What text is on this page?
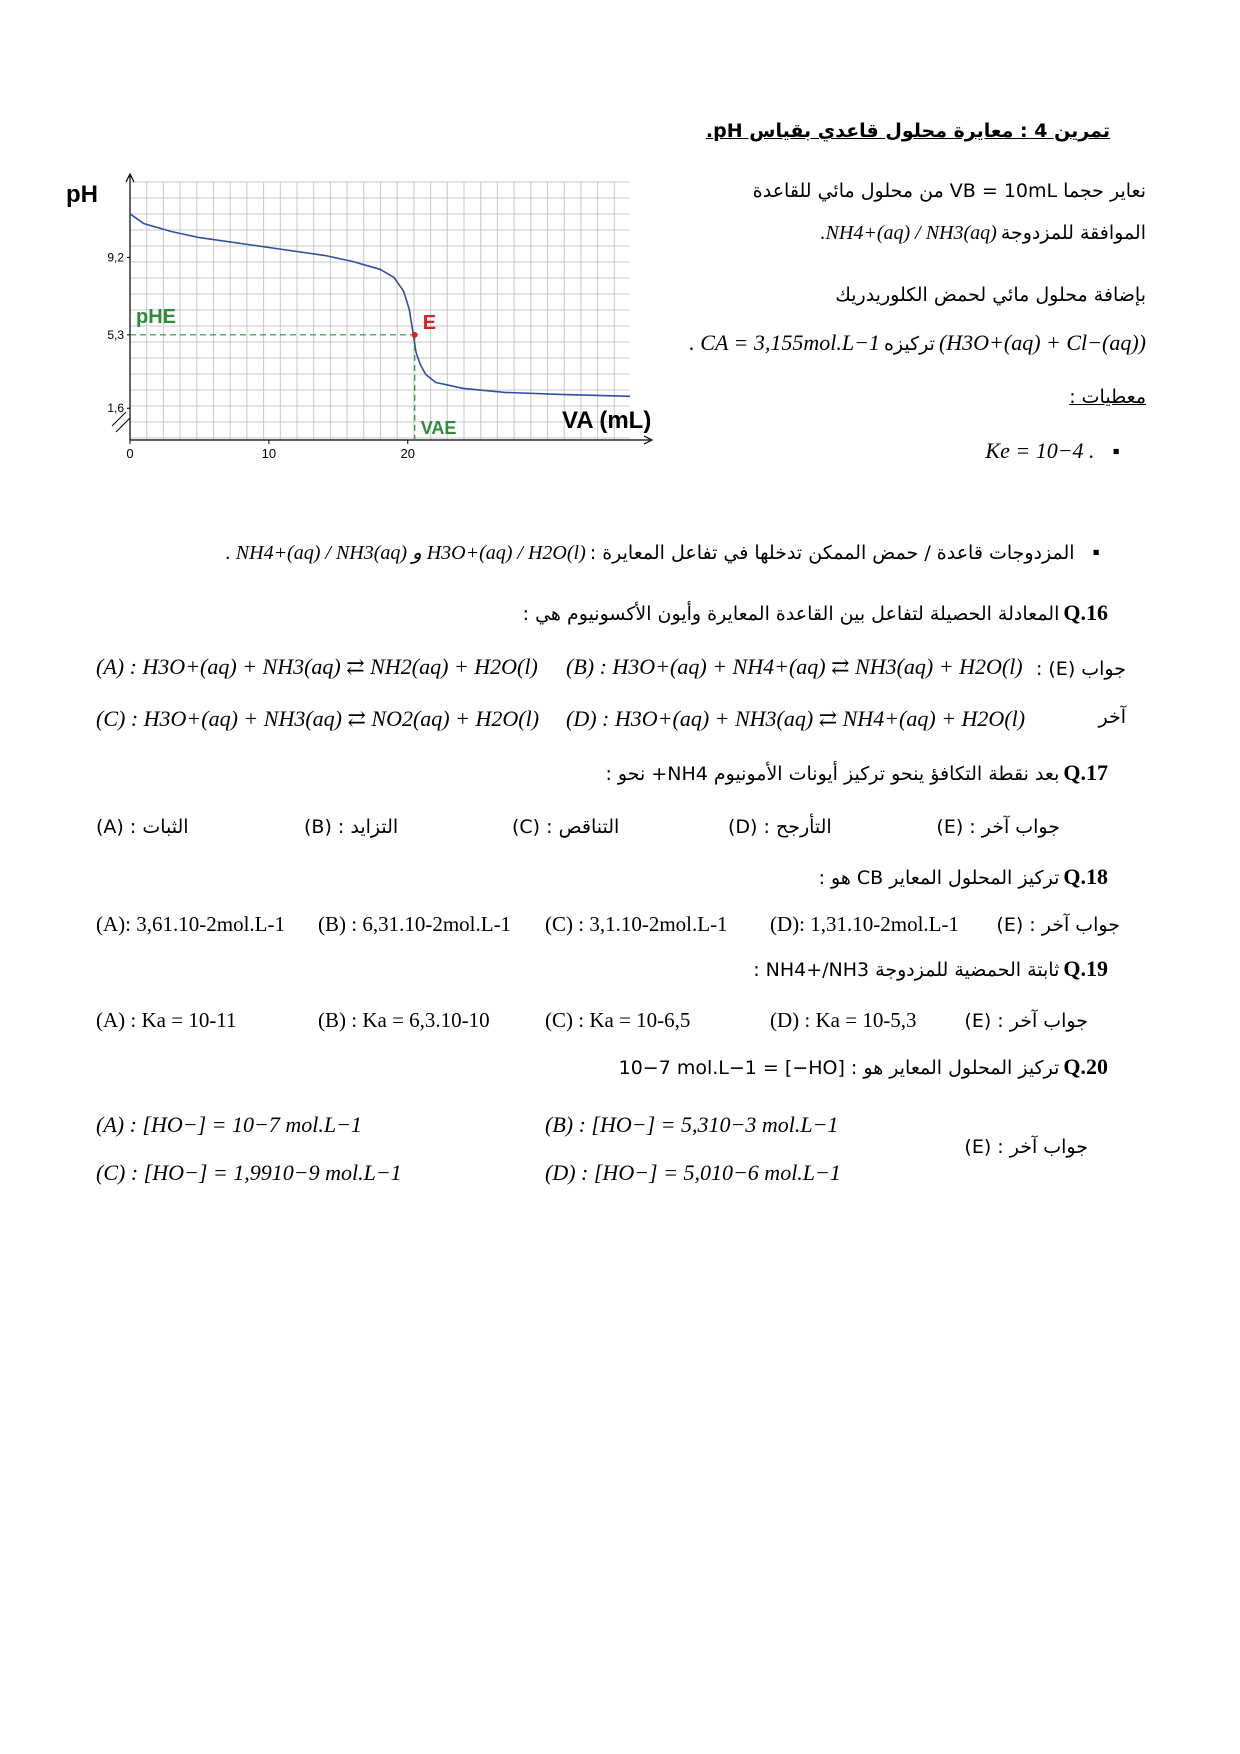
تمرين 4 : معايرة محلول قاعدي بقياس pH.
نعاير حجما VB = 10mL من محلول مائي للقاعدة
الموافقة للمزدوجة NH4+(aq) / NH3(aq).
بإضافة محلول مائي لحمض الكلوريدريك
(H3O+(aq) + Cl−(aq)) تركيزه CA = 3,155mol.L−1 .
معطيات :
▪ . Ke = 10−4
9,2
5,3
1,6
0	10	20
pH
VA (mL)
E
pHE
VAE
▪ المزدوجات قاعدة / حمض الممكن تدخلها في تفاعل المعايرة : H3O+(aq) / H2O(l) و NH4+(aq) / NH3(aq) .
Q.16 المعادلة الحصيلة لتفاعل بين القاعدة المعايرة وأيون الأكسونيوم هي :
(A) : H3O+(aq) + NH3(aq) ⇄ NH2(aq) + H2O(l) (B) : H3O+(aq) + NH4+(aq) ⇄ NH3(aq) + H2O(l)
(C) : H3O+(aq) + NH3(aq) ⇄ NO2(aq) + H2O(l) (D) : H3O+(aq) + NH3(aq) ⇄ NH4+(aq) + H2O(l)
جواب (E) :
آخر
Q.17 بعد نقطة التكافؤ ينحو تركيز أيونات الأمونيوم NH4+ نحو :
(A) : الثبات	(B) : التزايد	(C) : التناقص	(D) : التأرجح	جواب آخر : (E)
Q.18 تركيز المحلول المعاير CB هو :
(A): 3,61.10-2mol.L-1 (B) : 6,31.10-2mol.L-1 (C) : 3,1.10-2mol.L-1 (D): 1,31.10-2mol.L-1 جواب آخر : (E)
Q.19 ثابتة الحمضية للمزدوجة NH4+/NH3 :
(A) : Ka = 10-11	(B) : Ka = 6,3.10-10	(C) : Ka = 10-6,5	(D) : Ka = 10-5,3	جواب آخر : (E)
Q.20 تركيز المحلول المعاير هو : [HO−] = 10−7 mol.L−1
(A) : [HO−] = 10−7 mol.L−1	(B) : [HO−] = 5,310−3 mol.L−1
(C) : [HO−] = 1,9910−9 mol.L−1	(D) : [HO−] = 5,010−6 mol.L−1
جواب آخر : (E)
